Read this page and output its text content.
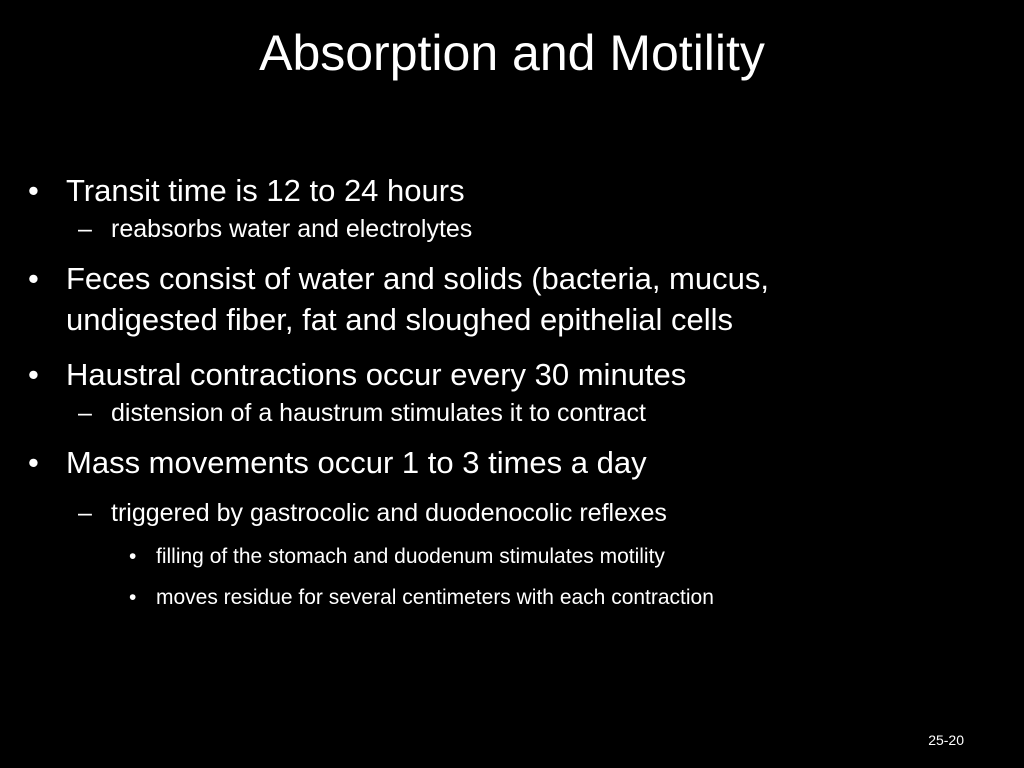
Absorption and Motility
• Transit time is 12 to 24 hours
– reabsorbs water and electrolytes
• Feces consist of water and solids (bacteria, mucus, undigested fiber, fat and sloughed epithelial cells
• Haustral contractions occur every 30 minutes
– distension of a haustrum stimulates it to contract
• Mass movements occur 1 to 3 times a day
– triggered by gastrocolic and duodenocolic reflexes
• filling of the stomach and duodenum stimulates motility
• moves residue for several centimeters with each contraction
25-20
